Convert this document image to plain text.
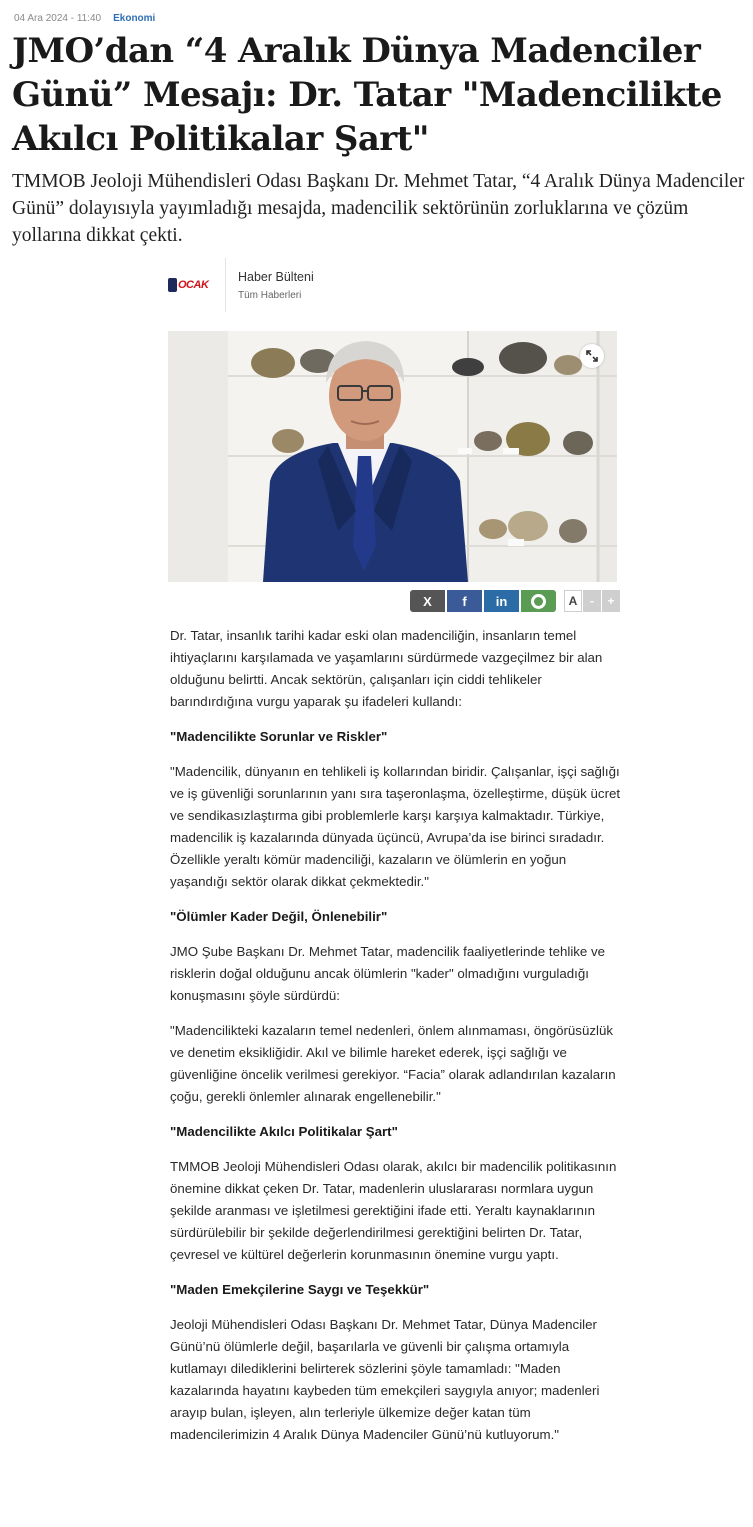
04 Ara 2024 - 11:40 Ekonomi
JMO’dan “4 Aralık Dünya Madenciler Günü” Mesajı: Dr. Tatar "Madencilikte Akılcı Politikalar Şart"

TMMOB Jeoloji Mühendisleri Odası Başkanı Dr. Mehmet Tatar, “4 Aralık Dünya Madenciler Günü” dolayısıyla yayımladığı mesajda, madencilik sektörünün zorluklarına ve çözüm yollarına dikkat çekti.

OCAK
Haber Bülteni
Tüm Haberleri
X f in	A	-	+

Dr. Tatar, insanlık tarihi kadar eski olan madenciliğin, insanların temel ihtiyaçlarını karşılamada ve yaşamlarını sürdürmede vazgeçilmez bir alan olduğunu belirtti. Ancak sektörün, çalışanları için ciddi tehlikeler barındırdığına vurgu yaparak şu ifadeleri kullandı:

"Madencilikte Sorunlar ve Riskler"

"Madencilik, dünyanın en tehlikeli iş kollarından biridir. Çalışanlar, işçi sağlığı ve iş güvenliği sorunlarının yanı sıra taşeronlaşma, özelleştirme, düşük ücret ve sendikasızlaştırma gibi problemlerle karşı karşıya kalmaktadır. Türkiye, madencilik iş kazalarında dünyada üçüncü, Avrupa’da ise birinci sıradadır. Özellikle yeraltı kömür madenciliği, kazaların ve ölümlerin en yoğun yaşandığı sektör olarak dikkat çekmektedir."

"Ölümler Kader Değil, Önlenebilir"

JMO Şube Başkanı Dr. Mehmet Tatar, madencilik faaliyetlerinde tehlike ve risklerin doğal olduğunu ancak ölümlerin "kader" olmadığını vurguladığı konuşmasını şöyle sürdürdü:

"Madencilikteki kazaların temel nedenleri, önlem alınmaması, öngörüsüzlük ve denetim eksikliğidir. Akıl ve bilimle hareket ederek, işçi sağlığı ve güvenliğine öncelik verilmesi gerekiyor. “Facia” olarak adlandırılan kazaların çoğu, gerekli önlemler alınarak engellenebilir."

"Madencilikte Akılcı Politikalar Şart"

TMMOB Jeoloji Mühendisleri Odası olarak, akılcı bir madencilik politikasının önemine dikkat çeken Dr. Tatar, madenlerin uluslararası normlara uygun şekilde aranması ve işletilmesi gerektiğini ifade etti. Yeraltı kaynaklarının sürdürülebilir bir şekilde değerlendirilmesi gerektiğini belirten Dr. Tatar, çevresel ve kültürel değerlerin korunmasının önemine vurgu yaptı.

"Maden Emekçilerine Saygı ve Teşekkür"

Jeoloji Mühendisleri Odası Başkanı Dr. Mehmet Tatar, Dünya Madenciler Günü’nü ölümlerle değil, başarılarla ve güvenli bir çalışma ortamıyla kutlamayı dilediklerini belirterek sözlerini şöyle tamamladı: "Maden kazalarında hayatını kaybeden tüm emekçileri saygıyla anıyor; madenleri arayıp bulan, işleyen, alın terleriyle ülkemize değer katan tüm madencilerimizin 4 Aralık Dünya Madenciler Günü’nü kutluyorum."
